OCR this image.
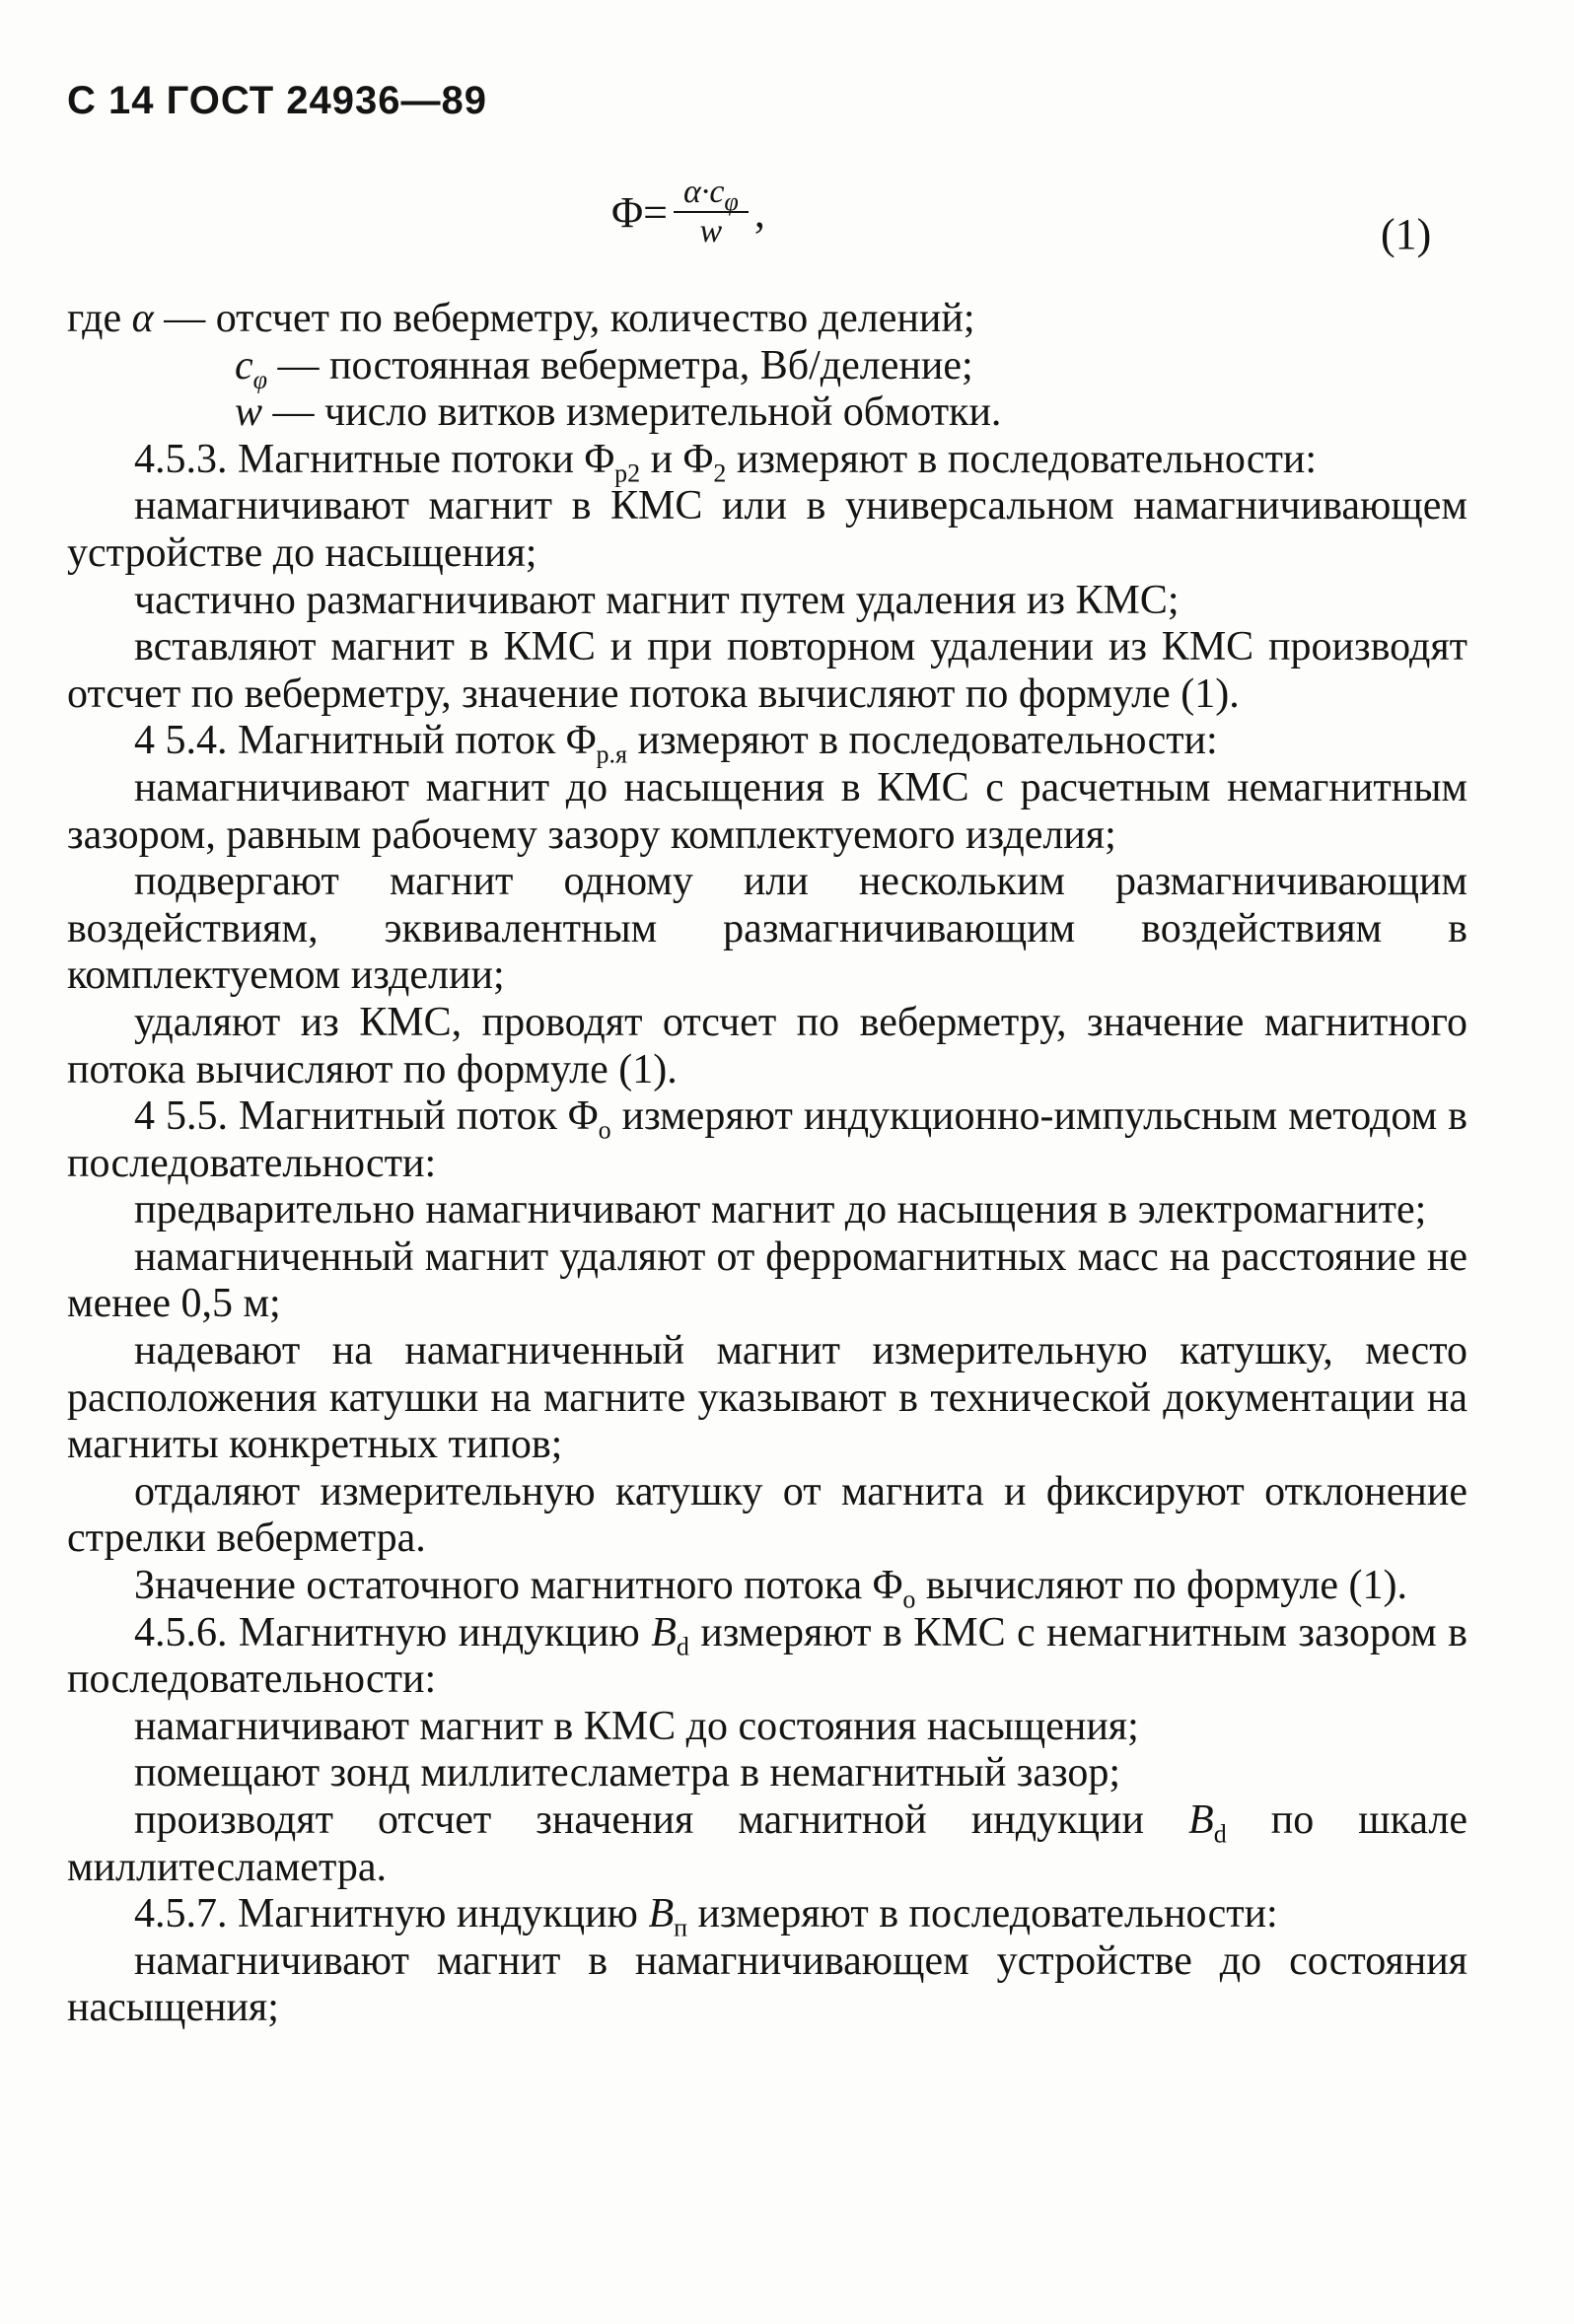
С 14 ГОСТ 24936—89
$\Phi= \frac{\alpha\cdot c_\varphi}{w}$ ,	(1)

где α — отсчет по веберметру, количество делений;

$c_\varphi$ — постоянная веберметра, Вб/деление;

w — число витков измерительной обмотки.

4.5.3. Магнитные потоки $\Phi_{р2}$ и $\Phi_2$ измеряют в последовательности:

намагничивают магнит в КМС или в универсальном намагничивающем устройстве до насыщения;

частично размагничивают магнит путем удаления из КМС;

вставляют магнит в КМС и при повторном удалении из КМС производят отсчет по веберметру, значение потока вычисляют по формуле (1).

4 5.4. Магнитный поток $\Phi_{р.я}$ измеряют в последовательности:

намагничивают магнит до насыщения в КМС с расчетным немагнитным зазором, равным рабочему зазору комплектуемого изделия;

подвергают магнит одному или нескольким размагничивающим воздействиям, эквивалентным размагничивающим воздействиям в комплектуемом изделии;

удаляют из КМС, проводят отсчет по веберметру, значение магнитного потока вычисляют по формуле (1).

4 5.5. Магнитный поток $\Phi_о$ измеряют индукционно-импульсным методом в последовательности:

предварительно намагничивают магнит до насыщения в электромагните;

намагниченный магнит удаляют от ферромагнитных масс на расстояние не менее 0,5 м;

надевают на намагниченный магнит измерительную катушку, место расположения катушки на магните указывают в технической документации на магниты конкретных типов;

отдаляют измерительную катушку от магнита и фиксируют отклонение стрелки веберметра.

Значение остаточного магнитного потока $\Phi_о$ вычисляют по формуле (1).

4.5.6. Магнитную индукцию $B_d$ измеряют в КМС с немагнитным зазором в последовательности:

намагничивают магнит в КМС до состояния насыщения;

помещают зонд миллитесламетра в немагнитный зазор;

производят отсчет значения магнитной индукции $B_d$ по шкале миллитесламетра.

4.5.7. Магнитную индукцию $B_п$ измеряют в последовательности:

намагничивают магнит в намагничивающем устройстве до состояния насыщения;
